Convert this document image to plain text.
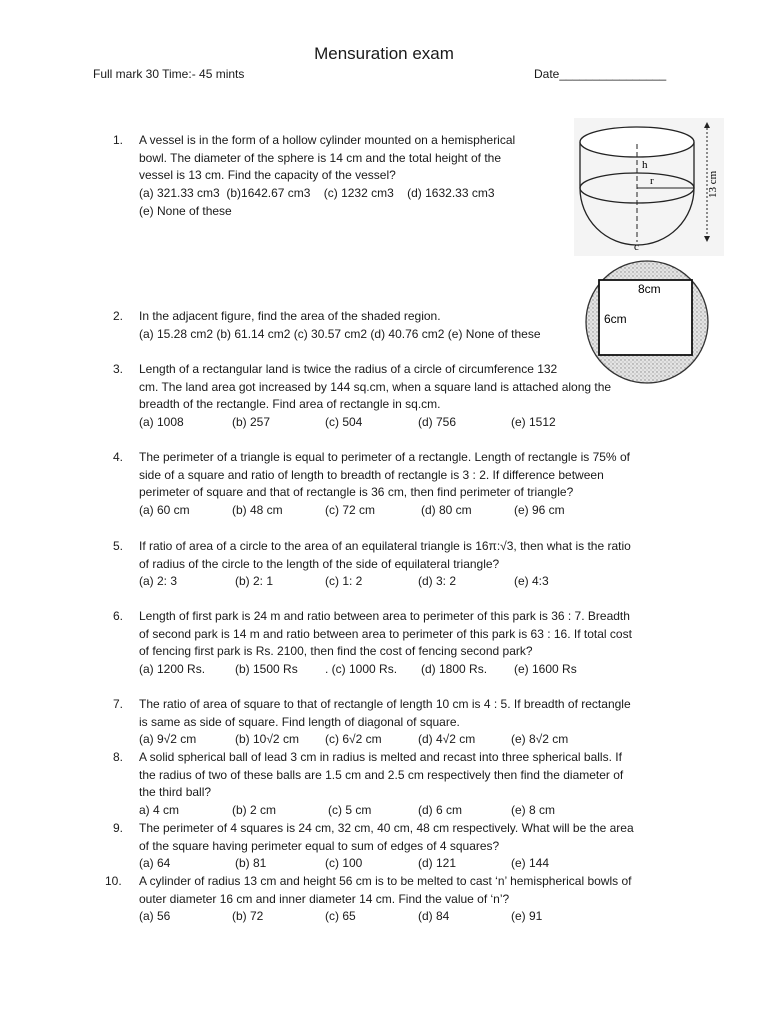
Mensuration exam
Full mark 30 Time:- 45 mints	Date________________
h
r
c
13 cm
8cm
6cm
1.	A vessel is in the form of a hollow cylinder mounted on a hemispherical
bowl. The diameter of the sphere is 14 cm and the total height of the
vessel is 13 cm. Find the capacity of the vessel?
(a) 321.33 cm3  (b)1642.67 cm3    (c) 1232 cm3    (d) 1632.33 cm3
(e) None of these
2.	In the adjacent figure, find the area of the shaded region.
(a) 15.28 cm2 (b) 61.14 cm2 (c) 30.57 cm2 (d) 40.76 cm2 (e) None of these
3.	Length of a rectangular land is twice the radius of a circle of circumference 132
cm. The land area got increased by 144 sq.cm, when a square land is attached along the
breadth of the rectangle. Find area of rectangle in sq.cm.
(a) 1008	(b) 257	(c) 504	(d) 756	(e) 1512
4.	The perimeter of a triangle is equal to perimeter of a rectangle. Length of rectangle is 75% of
side of a square and ratio of length to breadth of rectangle is 3 : 2. If difference between
perimeter of square and that of rectangle is 36 cm, then find perimeter of triangle?
(a) 60 cm	(b) 48 cm	(c) 72 cm	(d) 80 cm	(e) 96 cm
5.	If ratio of area of a circle to the area of an equilateral triangle is 16π:√3, then what is the ratio
of radius of the circle to the length of the side of equilateral triangle?
(a) 2: 3	(b) 2: 1	(c) 1: 2	(d) 3: 2	(e) 4:3
6.	Length of first park is 24 m and ratio between area to perimeter of this park is 36 : 7. Breadth
of second park is 14 m and ratio between area to perimeter of this park is 63 : 16. If total cost
of fencing first park is Rs. 2100, then find the cost of fencing second park?
(a) 1200 Rs. (b) 1500 Rs . (c) 1000 Rs. (d) 1800 Rs. (e) 1600 Rs
7.	The ratio of area of square to that of rectangle of length 10 cm is 4 : 5. If breadth of rectangle
is same as side of square. Find length of diagonal of square.
(a) 9√2 cm	(b) 10√2 cm (c) 6√2 cm	(d) 4√2 cm	(e) 8√2 cm
8.	A solid spherical ball of lead 3 cm in radius is melted and recast into three spherical balls. If
the radius of two of these balls are 1.5 cm and 2.5 cm respectively then find the diameter of
the third ball?
a) 4 cm	(b) 2 cm	(c) 5 cm	(d) 6 cm	(e) 8 cm
9.	The perimeter of 4 squares is 24 cm, 32 cm, 40 cm, 48 cm respectively. What will be the area
of the square having perimeter equal to sum of edges of 4 squares?
(a) 64	(b) 81	(c) 100	(d) 121	(e) 144
10.	A cylinder of radius 13 cm and height 56 cm is to be melted to cast ‘n’ hemispherical bowls of
outer diameter 16 cm and inner diameter 14 cm. Find the value of ‘n’?
(a) 56	(b) 72	(c) 65	(d) 84	(e) 91
